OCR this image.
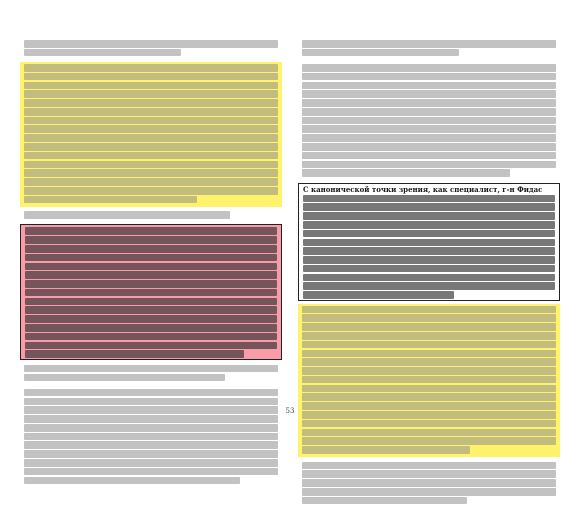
С канонической точки зрения, как специалист, г-н Фидас
53
